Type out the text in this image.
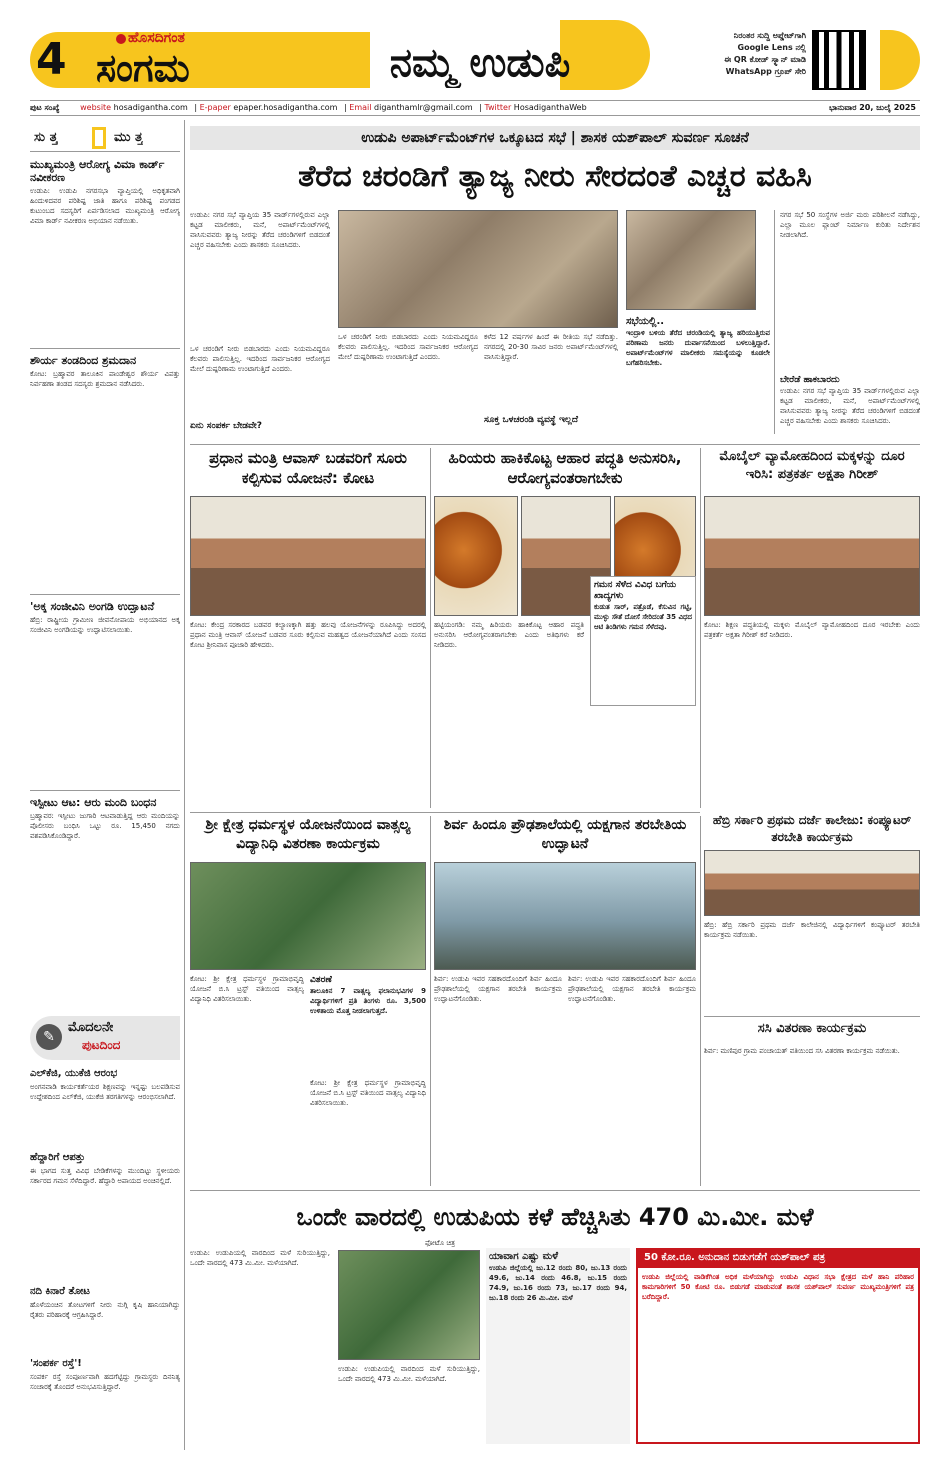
4	ಹೊಸದಿಗಂತ
ಸಂಗಮ	ನಮ್ಮ ಉಡುಪಿ
ನಿರಂತರ ಸುದ್ದಿ ಅಪ್ಡೇಟ್‌ಗಾಗಿ
Google Lens ನಲ್ಲಿ
ಈ QR ಕೋಡ್ ಸ್ಕ್ಯಾನ್ ಮಾಡಿ
WhatsApp ಗ್ರೂಪ್ ಸೇರಿ
ಪುಟ ಸಂಖ್ಯೆ	website hosadigantha.com | E-paper epaper.hosadigantha.com | Email diganthamlr@gmail.com | Twitter HosadiganthaWeb	ಭಾನುವಾರ 20, ಜುಲೈ 2025
ಸು ತ್ತ	ಮು ತ್ತ
ಮುಖ್ಯಮಂತ್ರಿ ಆರೋಗ್ಯ ವಿಮಾ ಕಾರ್ಡ್ ನವೀಕರಣ
ಉಡುಪಿ: ಉಡುಪಿ ನಗರಸಭಾ ವ್ಯಾಪ್ತಿಯಲ್ಲಿ ಅಧಿಕೃತವಾಗಿ ಹಿಂದುಳಿದವರ ಪರಿಶಿಷ್ಟ ಜಾತಿ ಹಾಗೂ ಪರಿಶಿಷ್ಟ ಪಂಗಡದ ಕುಟುಂಬದ ಸದಸ್ಯರಿಗೆ ಏರ್ಪಡಿಸಲಾದ ಮುಖ್ಯಮಂತ್ರಿ ಆರೋಗ್ಯ ವಿಮಾ ಕಾರ್ಡ್ ನವೀಕರಣ ಅಭಿಯಾನ ನಡೆಯಿತು.
ಶೌರ್ಯ ತಂಡದಿಂದ ಶ್ರಮದಾನ
ಕೋಟ: ಬ್ರಹ್ಮಾವರ ತಾಲೂಕಿನ ಪಾಂಡೇಶ್ವರ ಶೌರ್ಯ ವಿಪತ್ತು ನಿರ್ವಹಣಾ ತಂಡದ ಸದಸ್ಯರು ಶ್ರಮದಾನ ನಡೆಸಿದರು.
'ಅಕ್ಕ ಸಂಜೀವಿನಿ ಅಂಗಡಿ ಉದ್ಘಾಟನೆ
ಹೆಬ್ರಿ: ರಾಷ್ಟ್ರೀಯ ಗ್ರಾಮೀಣ ಜೀವನೋಪಾಯ ಅಭಿಯಾನದ ಅಕ್ಕ ಸಂಜೀವಿನಿ ಅಂಗಡಿಯನ್ನು ಉದ್ಘಾಟಿಸಲಾಯಿತು.
ಇಸ್ಪೀಟು ಆಟ: ಆರು ಮಂದಿ ಬಂಧನ
ಬ್ರಹ್ಮಾವರ: ಇಸ್ಪೀಟು ಜುಗಾರಿ ಆಟವಾಡುತ್ತಿದ್ದ ಆರು ಮಂದಿಯನ್ನು ಪೊಲೀಸರು ಬಂಧಿಸಿ ಒಟ್ಟು ರೂ. 15,450 ನಗದು ವಶಪಡಿಸಿಕೊಂಡಿದ್ದಾರೆ.
✎
ಮೊದಲನೇ
ಪುಟದಿಂದ
ಎಲ್‌ಕೆಜಿ, ಯುಕೆಜಿ ಆರಂಭ
ಅಂಗನವಾಡಿ ಕಾರ್ಯಕರ್ತೆಯರ ಶಿಕ್ಷಣವನ್ನು ಇನ್ನಷ್ಟು ಬಲಪಡಿಸುವ ಉದ್ದೇಶದಿಂದ ಎಲ್‌ಕೆಜಿ, ಯುಕೆಜಿ ತರಗತಿಗಳನ್ನು ಆರಂಭಿಸಲಾಗಿದೆ.
ಹೆದ್ದಾರಿಗೆ ಆಪತ್ತು
ಈ ಭಾಗದ ಸುತ್ತ ವಿವಿಧ ಬೇಡಿಕೆಗಳನ್ನು ಮುಂದಿಟ್ಟು ಸ್ಥಳೀಯರು ಸರ್ಕಾರದ ಗಮನ ಸೆಳೆದಿದ್ದಾರೆ. ಹೆದ್ದಾರಿ ಅಪಾಯದ ಅಂಚಿನಲ್ಲಿದೆ.
ನದಿ ಕಿನಾರೆ ತೋಟ
ಹೊಳೆಯಂಚಿನ ತೋಟಗಳಿಗೆ ನೀರು ನುಗ್ಗಿ ಕೃಷಿ ಹಾನಿಯಾಗಿದ್ದು ರೈತರು ಪರಿಹಾರಕ್ಕೆ ಆಗ್ರಹಿಸಿದ್ದಾರೆ.
'ಸಂಪರ್ಕ ರಸ್ತೆ'!
ಸಂಪರ್ಕ ರಸ್ತೆ ಸಂಪೂರ್ಣವಾಗಿ ಹದಗೆಟ್ಟಿದ್ದು ಗ್ರಾಮಸ್ಥರು ದಿನನಿತ್ಯ ಸಂಚಾರಕ್ಕೆ ತೊಂದರೆ ಅನುಭವಿಸುತ್ತಿದ್ದಾರೆ.
ಉಡುಪಿ ಅಪಾರ್ಟ್‌ಮೆಂಟ್‌ಗಳ ಒಕ್ಕೂಟದ ಸಭೆ | ಶಾಸಕ ಯಶ್‌ಪಾಲ್ ಸುವರ್ಣ ಸೂಚನೆ
ತೆರೆದ ಚರಂಡಿಗೆ ತ್ಯಾಜ್ಯ ನೀರು ಸೇರದಂತೆ ಎಚ್ಚರ ವಹಿಸಿ
ಉಡುಪಿ: ನಗರ ಸಭೆ ವ್ಯಾಪ್ತಿಯ 35 ವಾರ್ಡ್‌ಗಳಲ್ಲಿರುವ ಎಲ್ಲಾ ಕಟ್ಟಡ ಮಾಲೀಕರು, ಮನೆ, ಅಪಾರ್ಟ್‌ಮೆಂಟ್‌ಗಳಲ್ಲಿ ವಾಸಿಸುವವರು ತ್ಯಾಜ್ಯ ನೀರನ್ನು ತೆರೆದ ಚರಂಡಿಗಳಿಗೆ ಬಿಡದಂತೆ ಎಚ್ಚರ ವಹಿಸಬೇಕು ಎಂದು ಶಾಸಕರು ಸೂಚಿಸಿದರು.
ಒಳ ಚರಂಡಿಗೆ ನೀರು ಬಿಡಬಾರದು ಎಂದು ನಿಯಮವಿದ್ದರೂ ಕೆಲವರು ಪಾಲಿಸುತ್ತಿಲ್ಲ. ಇದರಿಂದ ಸಾರ್ವಜನಿಕರ ಆರೋಗ್ಯದ ಮೇಲೆ ದುಷ್ಪರಿಣಾಮ ಉಂಟಾಗುತ್ತಿದೆ ಎಂದರು.
ಏನು ಸಂಪರ್ಕ ಬೇಡವೇ?
ಒಳ ಚರಂಡಿಗೆ ನೀರು ಬಿಡಬಾರದು ಎಂದು ನಿಯಮವಿದ್ದರೂ ಕೆಲವರು ಪಾಲಿಸುತ್ತಿಲ್ಲ. ಇದರಿಂದ ಸಾರ್ವಜನಿಕರ ಆರೋಗ್ಯದ ಮೇಲೆ ದುಷ್ಪರಿಣಾಮ ಉಂಟಾಗುತ್ತಿದೆ ಎಂದರು.
ಕಳೆದ 12 ವರ್ಷಗಳ ಹಿಂದೆ ಈ ರೀತಿಯ ಸಭೆ ನಡೆದಿತ್ತು. ನಗರದಲ್ಲಿ 20-30 ಸಾವಿರ ಜನರು ಅಪಾರ್ಟ್‌ಮೆಂಟ್‌ಗಳಲ್ಲಿ ವಾಸಿಸುತ್ತಿದ್ದಾರೆ.
ಸೂಕ್ತ ಒಳಚರಂಡಿ ವ್ಯವಸ್ಥೆ ಇಲ್ಲದೆ
ಸಭೆಯಲ್ಲಿ..
ಇಂದ್ರಾಳಿ ಬಳಿಯ ತೆರೆದ ಚರಂಡಿಯಲ್ಲಿ ತ್ಯಾಜ್ಯ ಹರಿಯುತ್ತಿರುವ ಪರಿಣಾಮ ಜನರು ದುರ್ವಾಸನೆಯಿಂದ ಬಳಲುತ್ತಿದ್ದಾರೆ. ಅಪಾರ್ಟ್‌ಮೆಂಟ್‌ಗಳ ಮಾಲೀಕರು ಸಮಸ್ಯೆಯನ್ನು ಕೂಡಲೇ ಬಗೆಹರಿಸಬೇಕು.
ನಗರ ಸಭೆ 50 ಸಂಸ್ಥೆಗಳ ಅರ್ಜಿ ಮರು ಪರಿಶೀಲನೆ ನಡೆಸಿದ್ದು, ಎಲ್ಲಾ ಮೂಲ ಪ್ಲಾಂಟ್ ನಿರ್ಮಾಣ ಕುರಿತು ನಿರ್ದೇಶನ ನೀಡಲಾಗಿದೆ.
ಬೇರೆಡೆ ಹಾಕಬಾರದು
ಉಡುಪಿ: ನಗರ ಸಭೆ ವ್ಯಾಪ್ತಿಯ 35 ವಾರ್ಡ್‌ಗಳಲ್ಲಿರುವ ಎಲ್ಲಾ ಕಟ್ಟಡ ಮಾಲೀಕರು, ಮನೆ, ಅಪಾರ್ಟ್‌ಮೆಂಟ್‌ಗಳಲ್ಲಿ ವಾಸಿಸುವವರು ತ್ಯಾಜ್ಯ ನೀರನ್ನು ತೆರೆದ ಚರಂಡಿಗಳಿಗೆ ಬಿಡದಂತೆ ಎಚ್ಚರ ವಹಿಸಬೇಕು ಎಂದು ಶಾಸಕರು ಸೂಚಿಸಿದರು.
ಪ್ರಧಾನ ಮಂತ್ರಿ ಆವಾಸ್ ಬಡವರಿಗೆ ಸೂರು ಕಲ್ಪಿಸುವ ಯೋಜನೆ: ಕೋಟ
ಕೋಟ: ಕೇಂದ್ರ ಸರಕಾರದ ಬಡವರ ಕಲ್ಯಾಣಕ್ಕಾಗಿ ಹತ್ತು ಹಲವು ಯೋಜನೆಗಳನ್ನು ರೂಪಿಸಿದ್ದು ಅದರಲ್ಲಿ ಪ್ರಧಾನ ಮಂತ್ರಿ ಆವಾಸ್ ಯೋಜನೆ ಬಡವರ ಸೂರು ಕಲ್ಪಿಸುವ ಮಹತ್ವದ ಯೋಜನೆಯಾಗಿದೆ ಎಂದು ಸಂಸದ ಕೋಟ ಶ್ರೀನಿವಾಸ ಪೂಜಾರಿ ಹೇಳಿದರು.
ಹಿರಿಯರು ಹಾಕಿಕೊಟ್ಟ ಆಹಾರ ಪದ್ಧತಿ ಅನುಸರಿಸಿ, ಆರೋಗ್ಯವಂತರಾಗಬೇಕು
ಹಟ್ಟಿಯಂಗಡಿ: ನಮ್ಮ ಹಿರಿಯರು ಹಾಕಿಕೊಟ್ಟ ಆಹಾರ ಪದ್ಧತಿ ಅನುಸರಿಸಿ ಆರೋಗ್ಯವಂತರಾಗಬೇಕು ಎಂದು ಅತಿಥಿಗಳು ಕರೆ ನೀಡಿದರು.
ಗಮನ ಸೆಳೆದ ವಿವಿಧ ಬಗೆಯ ಖಾದ್ಯಗಳು
ಕುಡುತ ಸಾರ್, ಪತ್ರೊಡೆ, ಕೆಸುವಿನ ಗಟ್ಟಿ, ಮುಳ್ಳು ಸೌತೆ ದೋಸೆ ಸೇರಿದಂತೆ 35 ವಿಧದ ಆಟಿ ತಿಂಡಿಗಳು ಗಮನ ಸೆಳೆದವು.
ಮೊಬೈಲ್ ವ್ಯಾಮೋಹದಿಂದ ಮಕ್ಕಳನ್ನು ದೂರ ಇರಿಸಿ: ಪತ್ರಕರ್ತ ಅಕ್ಷತಾ ಗಿರೀಶ್
ಕೋಟ: ಶಿಕ್ಷಣ ಪದ್ಧತಿಯಲ್ಲಿ ಮಕ್ಕಳು ಮೊಬೈಲ್ ವ್ಯಾಮೋಹದಿಂದ ದೂರ ಇರಬೇಕು ಎಂದು ಪತ್ರಕರ್ತೆ ಅಕ್ಷತಾ ಗಿರೀಶ್ ಕರೆ ನೀಡಿದರು.
ಶ್ರೀ ಕ್ಷೇತ್ರ ಧರ್ಮಸ್ಥಳ ಯೋಜನೆಯಿಂದ ವಾತ್ಸಲ್ಯ ವಿದ್ಯಾನಿಧಿ ವಿತರಣಾ ಕಾರ್ಯಕ್ರಮ
ಕೋಟ: ಶ್ರೀ ಕ್ಷೇತ್ರ ಧರ್ಮಸ್ಥಳ ಗ್ರಾಮಾಭಿವೃದ್ಧಿ ಯೋಜನೆ ಬಿ.ಸಿ ಟ್ರಸ್ಟ್ ವತಿಯಿಂದ ವಾತ್ಸಲ್ಯ ವಿದ್ಯಾನಿಧಿ ವಿತರಿಸಲಾಯಿತು.
ವಿತರಣೆ
ತಾಲೂಕಿನ 7 ವಾತ್ಸಲ್ಯ ಫಲಾನುಭವಿಗಳ 9 ವಿದ್ಯಾರ್ಥಿಗಳಿಗೆ ಪ್ರತಿ ತಿಂಗಳು ರೂ. 3,500 ಉಳಿತಾಯ ಮೊತ್ತ ನೀಡಲಾಗುತ್ತದೆ.
ಕೋಟ: ಶ್ರೀ ಕ್ಷೇತ್ರ ಧರ್ಮಸ್ಥಳ ಗ್ರಾಮಾಭಿವೃದ್ಧಿ ಯೋಜನೆ ಬಿ.ಸಿ ಟ್ರಸ್ಟ್ ವತಿಯಿಂದ ವಾತ್ಸಲ್ಯ ವಿದ್ಯಾನಿಧಿ ವಿತರಿಸಲಾಯಿತು.
ಶಿರ್ವ ಹಿಂದೂ ಪ್ರೌಢಶಾಲೆಯಲ್ಲಿ ಯಕ್ಷಗಾನ ತರಬೇತಿಯ ಉದ್ಘಾಟನೆ
ಶಿರ್ವ: ಉಡುಪಿ ಇವರ ಸಹಕಾರದೊಂದಿಗೆ ಶಿರ್ವ ಹಿಂದೂ ಪ್ರೌಢಶಾಲೆಯಲ್ಲಿ ಯಕ್ಷಗಾನ ತರಬೇತಿ ಕಾರ್ಯಕ್ರಮ ಉದ್ಘಾಟನೆಗೊಂಡಿತು.
ಶಿರ್ವ: ಉಡುಪಿ ಇವರ ಸಹಕಾರದೊಂದಿಗೆ ಶಿರ್ವ ಹಿಂದೂ ಪ್ರೌಢಶಾಲೆಯಲ್ಲಿ ಯಕ್ಷಗಾನ ತರಬೇತಿ ಕಾರ್ಯಕ್ರಮ ಉದ್ಘಾಟನೆಗೊಂಡಿತು.
ಹೆಬ್ರಿ ಸರ್ಕಾರಿ ಪ್ರಥಮ ದರ್ಜೆ ಕಾಲೇಜು: ಕಂಪ್ಯೂಟರ್ ತರಬೇತಿ ಕಾರ್ಯಕ್ರಮ
ಹೆಬ್ರಿ: ಹೆಬ್ರಿ ಸರ್ಕಾರಿ ಪ್ರಥಮ ದರ್ಜೆ ಕಾಲೇಜಿನಲ್ಲಿ ವಿದ್ಯಾರ್ಥಿಗಳಿಗೆ ಕಂಪ್ಯೂಟರ್ ತರಬೇತಿ ಕಾರ್ಯಕ್ರಮ ನಡೆಯಿತು.
ಸಸಿ ವಿತರಣಾ ಕಾರ್ಯಕ್ರಮ
ಶಿರ್ವ: ಮಣಿಪುರ ಗ್ರಾಮ ಪಂಚಾಯತ್ ವತಿಯಿಂದ ಸಸಿ ವಿತರಣಾ ಕಾರ್ಯಕ್ರಮ ನಡೆಯಿತು.
ಒಂದೇ ವಾರದಲ್ಲಿ ಉಡುಪಿಯ ಕಳೆ ಹೆಚ್ಚಿಸಿತು 470 ಮಿ.ಮೀ. ಮಳೆ
ಉಡುಪಿ: ಉಡುಪಿಯಲ್ಲಿ ವಾರದಿಂದ ಮಳೆ ಸುರಿಯುತ್ತಿದ್ದು, ಒಂದೇ ವಾರದಲ್ಲಿ 473 ಮಿ.ಮೀ. ಮಳೆಯಾಗಿದೆ.
ಫೋಟೊ ಚಿತ್ರ
ಉಡುಪಿ: ಉಡುಪಿಯಲ್ಲಿ ವಾರದಿಂದ ಮಳೆ ಸುರಿಯುತ್ತಿದ್ದು, ಒಂದೇ ವಾರದಲ್ಲಿ 473 ಮಿ.ಮೀ. ಮಳೆಯಾಗಿದೆ.
ಯಾವಾಗ ಎಷ್ಟು ಮಳೆ
ಉಡುಪಿ ಜಿಲ್ಲೆಯಲ್ಲಿ ಜು.12 ರಂದು 80, ಜು.13 ರಂದು 49.6, ಜು.14 ರಂದು 46.8, ಜು.15 ರಂದು 74.9, ಜು.16 ರಂದು 73, ಜು.17 ರಂದು 94, ಜು.18 ರಂದು 26 ಮಿ.ಮೀ. ಮಳೆ
50 ಕೋ.ರೂ. ಅನುದಾನ ಬಿಡುಗಡೆಗೆ ಯಶ್‌ಪಾಲ್ ಪತ್ರ
ಉಡುಪಿ ಜಿಲ್ಲೆಯಲ್ಲಿ ವಾಡಿಕೆಗಿಂತ ಅಧಿಕ ಮಳೆಯಾಗಿದ್ದು ಉಡುಪಿ ವಿಧಾನ ಸಭಾ ಕ್ಷೇತ್ರದ ಮಳೆ ಹಾನಿ ಪರಿಹಾರ ಕಾಮಗಾರಿಗಳಿಗೆ 50 ಕೋಟಿ ರೂ. ಬಿಡುಗಡೆ ಮಾಡುವಂತೆ ಶಾಸಕ ಯಶ್‌ಪಾಲ್ ಸುವರ್ಣ ಮುಖ್ಯಮಂತ್ರಿಗಳಿಗೆ ಪತ್ರ ಬರೆದಿದ್ದಾರೆ.
